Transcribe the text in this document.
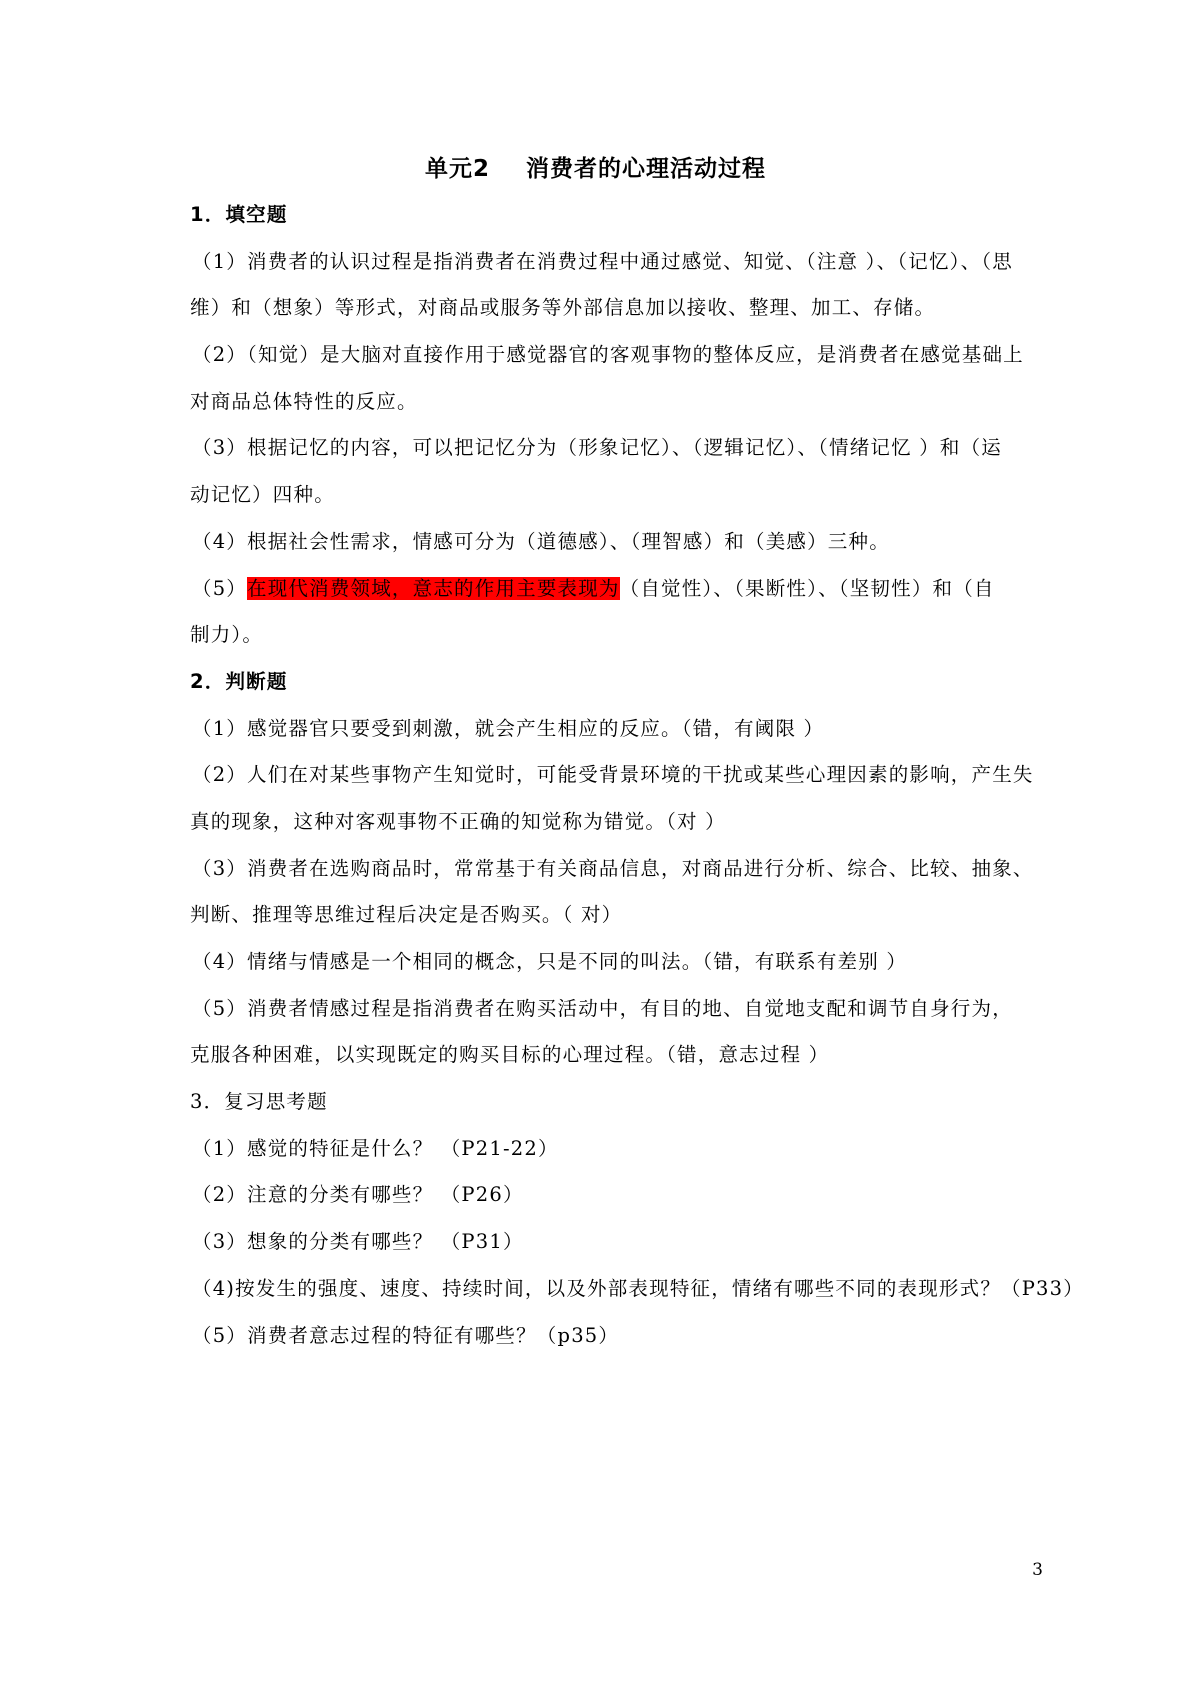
单元2    消费者的心理活动过程
1．填空题
（1）消费者的认识过程是指消费者在消费过程中通过感觉、知觉、（注意 ）、（记忆）、（思
维）和（想象）等形式，对商品或服务等外部信息加以接收、整理、加工、存储。
（2）（知觉）是大脑对直接作用于感觉器官的客观事物的整体反应，是消费者在感觉基础上
对商品总体特性的反应。
（3）根据记忆的内容，可以把记忆分为（形象记忆）、（逻辑记忆）、（情绪记忆 ）和（运
动记忆）四种。
（4）根据社会性需求，情感可分为（道德感）、（理智感）和（美感）三种。
（5）在现代消费领域，意志的作用主要表现为（自觉性）、（果断性）、（坚韧性）和（自
制力）。
2．判断题
（1）感觉器官只要受到刺激，就会产生相应的反应。（错，有阈限 ）
（2）人们在对某些事物产生知觉时，可能受背景环境的干扰或某些心理因素的影响，产生失
真的现象，这种对客观事物不正确的知觉称为错觉。（对 ）
（3）消费者在选购商品时，常常基于有关商品信息，对商品进行分析、综合、比较、抽象、
判断、推理等思维过程后决定是否购买。（ 对）
（4）情绪与情感是一个相同的概念，只是不同的叫法。（错，有联系有差别 ）
（5）消费者情感过程是指消费者在购买活动中，有目的地、自觉地支配和调节自身行为，
克服各种困难，以实现既定的购买目标的心理过程。（错，意志过程 ）
3．复习思考题
（1）感觉的特征是什么？ （P21-22）
（2）注意的分类有哪些？ （P26）
（3）想象的分类有哪些？ （P31）
（4)按发生的强度、速度、持续时间，以及外部表现特征，情绪有哪些不同的表现形式？（P33）
（5）消费者意志过程的特征有哪些？（p35）
3
